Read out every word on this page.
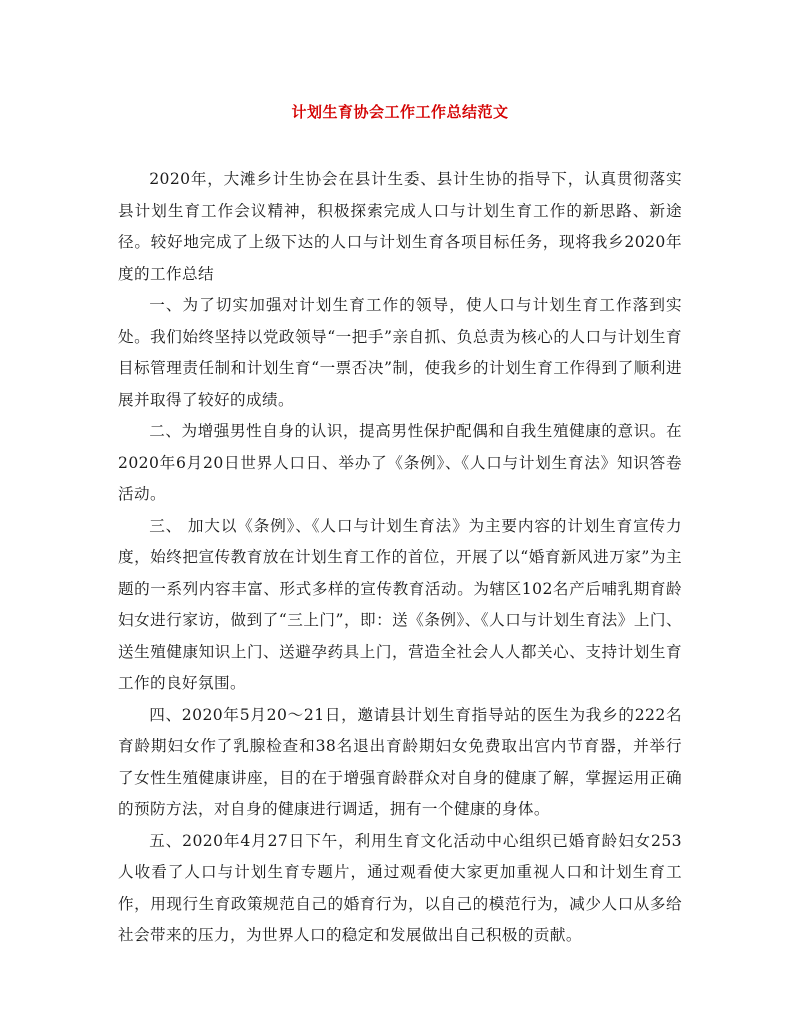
计划生育协会工作工作总结范文

2020年，大滩乡计生协会在县计生委、县计生协的指导下，认真贯彻落实县计划生育工作会议精神，积极探索完成人口与计划生育工作的新思路、新途径。较好地完成了上级下达的人口与计划生育各项目标任务，现将我乡2020年度的工作总结

一、为了切实加强对计划生育工作的领导，使人口与计划生育工作落到实处。我们始终坚持以党政领导“一把手”亲自抓、负总责为核心的人口与计划生育目标管理责任制和计划生育“一票否决”制，使我乡的计划生育工作得到了顺利进展并取得了较好的成绩。

二、为增强男性自身的认识，提高男性保护配偶和自我生殖健康的意识。在2020年6月20日世界人口日、举办了《条例》、《人口与计划生育法》知识答卷活动。

三、 加大以《条例》、《人口与计划生育法》为主要内容的计划生育宣传力度，始终把宣传教育放在计划生育工作的首位，开展了以“婚育新风进万家”为主题的一系列内容丰富、形式多样的宣传教育活动。为辖区102名产后哺乳期育龄妇女进行家访，做到了“三上门”，即：送《条例》、《人口与计划生育法》上门、送生殖健康知识上门、送避孕药具上门，营造全社会人人都关心、支持计划生育工作的良好氛围。

四、2020年5月20～21日，邀请县计划生育指导站的医生为我乡的222名育龄期妇女作了乳腺检查和38名退出育龄期妇女免费取出宫内节育器，并举行了女性生殖健康讲座，目的在于增强育龄群众对自身的健康了解，掌握运用正确的预防方法，对自身的健康进行调适，拥有一个健康的身体。

五、2020年4月27日下午，利用生育文化活动中心组织已婚育龄妇女253人收看了人口与计划生育专题片，通过观看使大家更加重视人口和计划生育工作，用现行生育政策规范自己的婚育行为，以自己的模范行为，减少人口从多给社会带来的压力，为世界人口的稳定和发展做出自己积极的贡献。
